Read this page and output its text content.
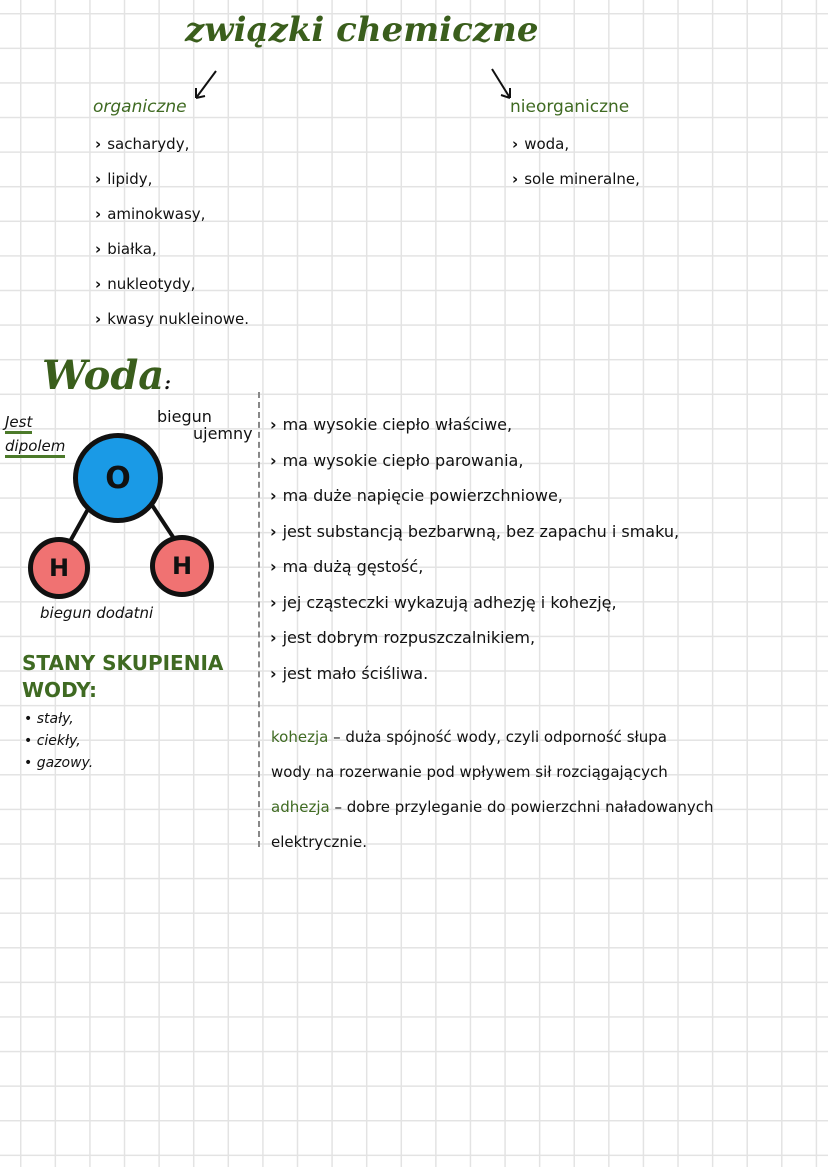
związki chemiczne
organiczne
› sacharydy,
› lipidy,
› aminokwasy,
› białka,
› nukleotydy,
› kwasy nukleinowe.
nieorganiczne
› woda,
› sole mineralne,
Woda:
Jest
dipolem
biegun
ujemny
O
H	H
biegun dodatni
STANY SKUPIENIA
WODY:
• stały,
• ciekły,
• gazowy.
› ma wysokie ciepło właściwe,
› ma wysokie ciepło parowania,
› ma duże napięcie powierzchniowe,
› jest substancją bezbarwną, bez zapachu i smaku,
› ma dużą gęstość,
› jej cząsteczki wykazują adhezję i kohezję,
› jest dobrym rozpuszczalnikiem,
› jest mało ściśliwa.
kohezja – duża spójność wody, czyli odporność słupa
wody na rozerwanie pod wpływem sił rozciągających
adhezja – dobre przyleganie do powierzchni naładowanych
elektrycznie.
